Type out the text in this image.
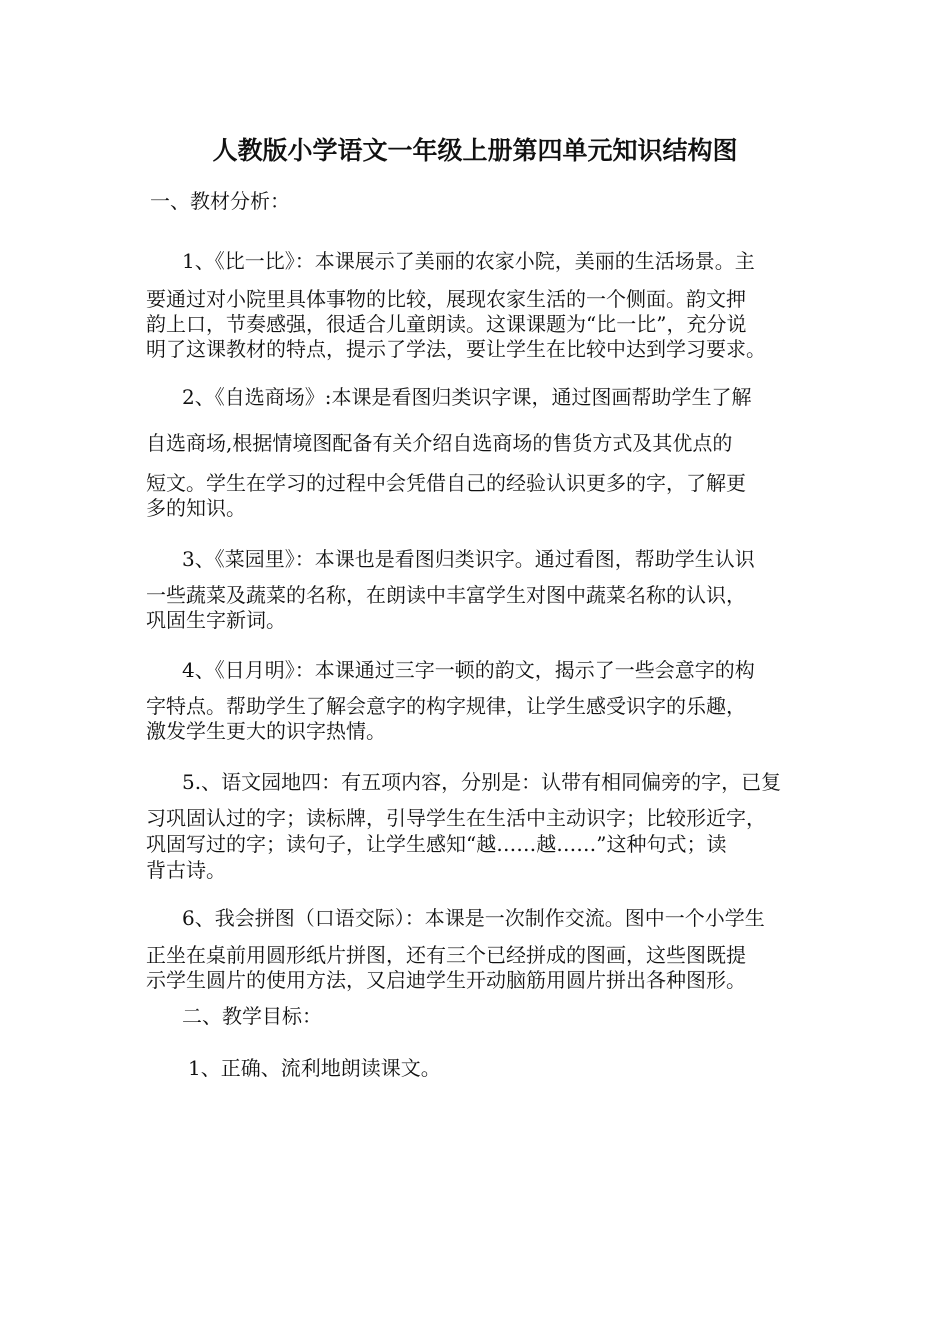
人教版小学语文一年级上册第四单元知识结构图

一、教材分析：

1、《比一比》：本课展示了美丽的农家小院，美丽的生活场景。主

要通过对小院里具体事物的比较，展现农家生活的一个侧面。韵文押

韵上口，节奏感强，很适合儿童朗读。这课课题为“比一比”，充分说

明了这课教材的特点，提示了学法，要让学生在比较中达到学习要求。

2、《自选商场》:本课是看图归类识字课，通过图画帮助学生了解

自选商场,根据情境图配备有关介绍自选商场的售货方式及其优点的

短文。学生在学习的过程中会凭借自己的经验认识更多的字，了解更

多的知识。

3、《菜园里》：本课也是看图归类识字。通过看图，帮助学生认识

一些蔬菜及蔬菜的名称，在朗读中丰富学生对图中蔬菜名称的认识，

巩固生字新词。

4、《日月明》：本课通过三字一顿的韵文，揭示了一些会意字的构

字特点。帮助学生了解会意字的构字规律，让学生感受识字的乐趣，

激发学生更大的识字热情。

5.、语文园地四：有五项内容，分别是：认带有相同偏旁的字，已复

习巩固认过的字；读标牌，引导学生在生活中主动识字；比较形近字，

巩固写过的字；读句子，让学生感知“越……越……”这种句式；读

背古诗。

6、我会拼图（口语交际）：本课是一次制作交流。图中一个小学生

正坐在桌前用圆形纸片拼图，还有三个已经拼成的图画，这些图既提

示学生圆片的使用方法，又启迪学生开动脑筋用圆片拼出各种图形。

二、教学目标：

1、正确、流利地朗读课文。
